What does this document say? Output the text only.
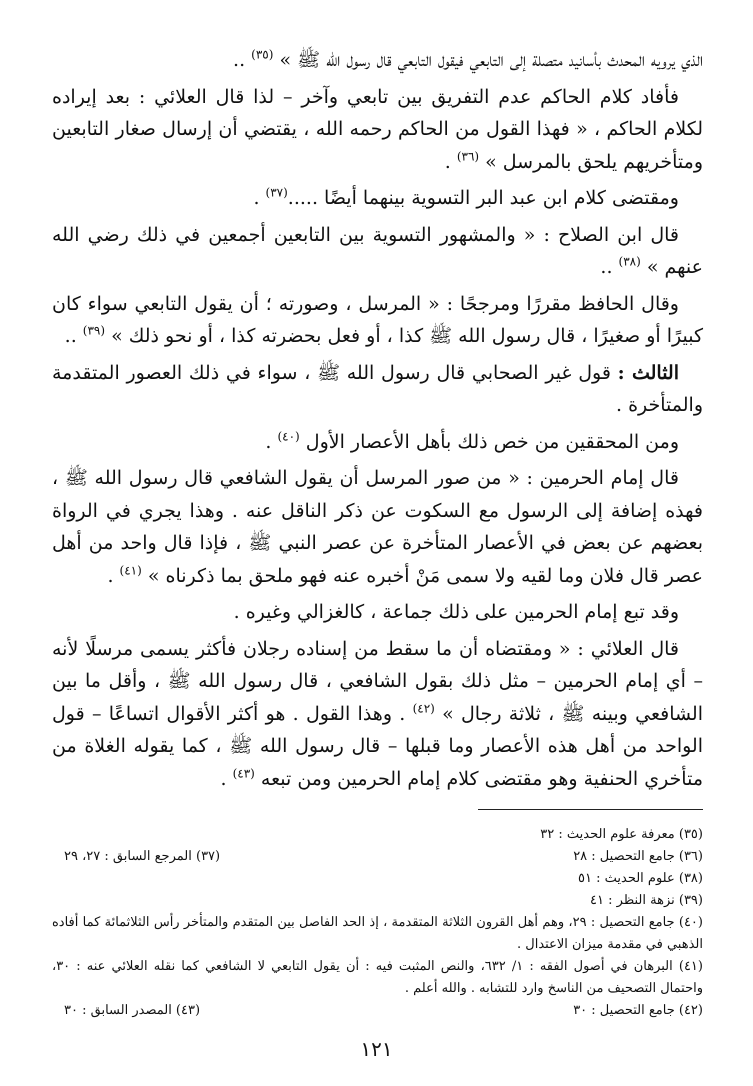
الذي يرويه المحدث بأسانيد متصلة إلى التابعي فيقول التابعي قال رسول الله ﷺ » $^{(٣٥)}$ ..

فأفاد كلام الحاكم عدم التفريق بين تابعي وآخر – لذا قال العلائي : بعد إيراده لكلام الحاكم ، « فهذا القول من الحاكم رحمه الله ، يقتضي أن إرسال صغار التابعين ومتأخريهم يلحق بالمرسل » $^{(٣٦)}$ .

ومقتضى كلام ابن عبد البر التسوية بينهما أيضًا .....$^{(٣٧)}$ .

قال ابن الصلاح : « والمشهور التسوية بين التابعين أجمعين في ذلك رضي الله عنهم » $^{(٣٨)}$ ..

وقال الحافظ مقررًا ومرجحًا : « المرسل ، وصورته ؛ أن يقول التابعي سواء كان كبيرًا أو صغيرًا ، قال رسول الله ﷺ كذا ، أو فعل بحضرته كذا ، أو نحو ذلك » $^{(٣٩)}$ ..

الثالث : قول غير الصحابي قال رسول الله ﷺ ، سواء في ذلك العصور المتقدمة والمتأخرة .

ومن المحققين من خص ذلك بأهل الأعصار الأول $^{(٤٠)}$ .

قال إمام الحرمين : « من صور المرسل أن يقول الشافعي قال رسول الله ﷺ ، فهذه إضافة إلى الرسول مع السكوت عن ذكر الناقل عنه . وهذا يجري في الرواة بعضهم عن بعض في الأعصار المتأخرة عن عصر النبي ﷺ ، فإذا قال واحد من أهل عصر قال فلان وما لقيه ولا سمى مَنْ أخبره عنه فهو ملحق بما ذكرناه » $^{(٤١)}$ .

وقد تبع إمام الحرمين على ذلك جماعة ، كالغزالي وغيره .

قال العلائي : « ومقتضاه أن ما سقط من إسناده رجلان فأكثر يسمى مرسلًا لأنه – أي إمام الحرمين – مثل ذلك بقول الشافعي ، قال رسول الله ﷺ ، وأقل ما بين الشافعي وبينه ﷺ ، ثلاثة رجال » $^{(٤٢)}$ . وهذا القول . هو أكثر الأقوال اتساعًا – قول الواحد من أهل هذه الأعصار وما قبلها – قال رسول الله ﷺ ، كما يقوله الغلاة من متأخري الحنفية وهو مقتضى كلام إمام الحرمين ومن تبعه $^{(٤٣)}$ .

(٣٥) معرفة علوم الحديث : ٣٢
(٣٦) جامع التحصيل : ٢٨
(٣٧) المرجع السابق : ٢٧، ٢٩
(٣٨) علوم الحديث : ٥١
(٣٩) نزهة النظر : ٤١
(٤٠) جامع التحصيل : ٢٩، وهم أهل القرون الثلاثة المتقدمة ، إذ الحد الفاصل بين المتقدم والمتأخر رأس الثلاثمائة كما أفاده الذهبي في مقدمة ميزان الاعتدال .
(٤١) البرهان في أصول الفقه : ١/ ٦٣٢، والنص المثبت فيه : أن يقول التابعي لا الشافعي كما نقله العلائي عنه : ٣٠، واحتمال التصحيف من الناسخ وارد للتشابه . والله أعلم .
(٤٢) جامع التحصيل : ٣٠
(٤٣) المصدر السابق : ٣٠
١٢١
